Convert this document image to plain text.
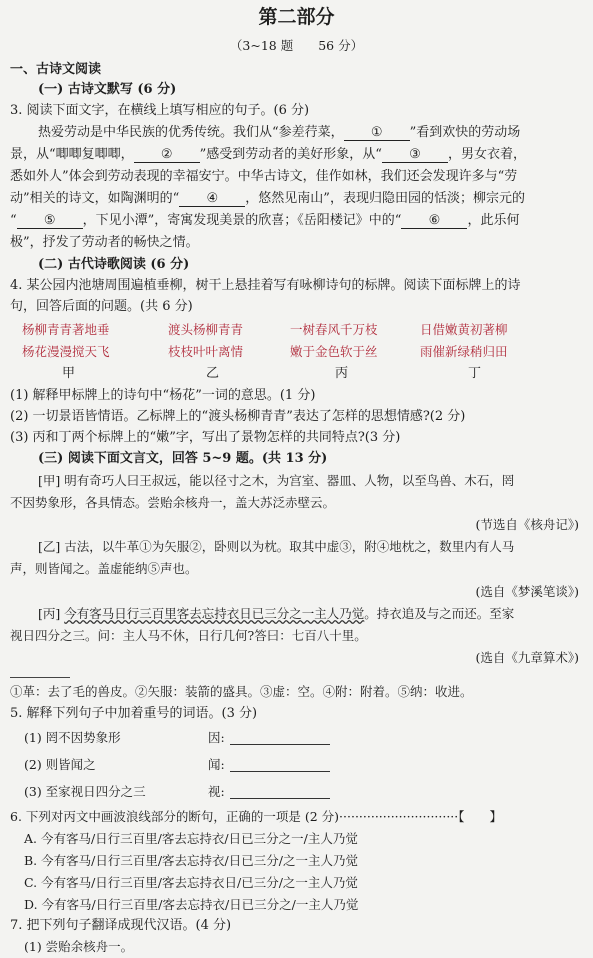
第二部分
（3~18 题　　56 分）
一、古诗文阅读
(一) 古诗文默写 (6 分)
3. 阅读下面文字，在横线上填写相应的句子。(6 分)
热爱劳动是中华民族的优秀传统。我们从“参差荇菜， ① ”看到欢快的劳动场
景，从“唧唧复唧唧， ② ”感受到劳动者的美好形象，从“ ③ ，男女衣着，
悉如外人”体会到劳动表现的幸福安宁。中华古诗文，佳作如林，我们还会发现许多与“劳
动”相关的诗文，如陶渊明的“ ④ ，悠然见南山”，表现归隐田园的恬淡；柳宗元的
“ ⑤ ，下见小潭”，寄寓发现美景的欣喜；《岳阳楼记》中的“ ⑥ ，此乐何
极”，抒发了劳动者的畅快之情。
(二) 古代诗歌阅读 (6 分)
4. 某公园内池塘周围遍植垂柳，树干上悬挂着写有咏柳诗句的标牌。阅读下面标牌上的诗
句，回答后面的问题。(共 6 分)
杨柳青青著地垂
杨花漫漫搅天飞
甲
渡头杨柳青青
枝枝叶叶离情
乙
一树春风千万枝
嫩于金色软于丝
丙
日借嫩黄初著柳
雨催新绿稍归田
丁
(1) 解释甲标牌上的诗句中“杨花”一词的意思。(1 分)
(2) 一切景语皆情语。乙标牌上的“渡头杨柳青青”表达了怎样的思想情感?(2 分)
(3) 丙和丁两个标牌上的“嫩”字，写出了景物怎样的共同特点?(3 分)
(三) 阅读下面文言文，回答 5~9 题。(共 13 分)
[甲] 明有奇巧人曰王叔远，能以径寸之木，为宫室、器皿、人物，以至鸟兽、木石，罔
不因势象形，各具情态。尝贻余核舟一，盖大苏泛赤壁云。
(节选自《核舟记》)
[乙] 古法，以牛革①为矢服②，卧则以为枕。取其中虚③，附④地枕之，数里内有人马
声，则皆闻之。盖虚能纳⑤声也。
(选自《梦溪笔谈》)
[丙] 今有客马日行三百里客去忘持衣日已三分之一主人乃觉。持衣追及与之而还。至家
视日四分之三。问：主人马不休，日行几何?答曰：七百八十里。
(选自《九章算术》)
①革：去了毛的兽皮。②矢服：装箭的盛具。③虚：空。④附：附着。⑤纳：收进。
5. 解释下列句子中加着重号的词语。(3 分)
(1) 罔不因势象形	因:
(2) 则皆闻之	闻:
(3) 至家视日四分之三	视:
6. 下列对丙文中画波浪线部分的断句，正确的一项是 (2 分)······························【　　】
A. 今有客马/日行三百里/客去忘持衣/日已三分之一/主人乃觉
B. 今有客马/日行三百里/客去忘持衣/日已三分/之一主人乃觉
C. 今有客马/日行三百里/客去忘持衣日/已三分/之一主人乃觉
D. 今有客马/日行三百里/客去忘持衣/日已三分之/一主人乃觉
7. 把下列句子翻译成现代汉语。(4 分)
(1) 尝贻余核舟一。
